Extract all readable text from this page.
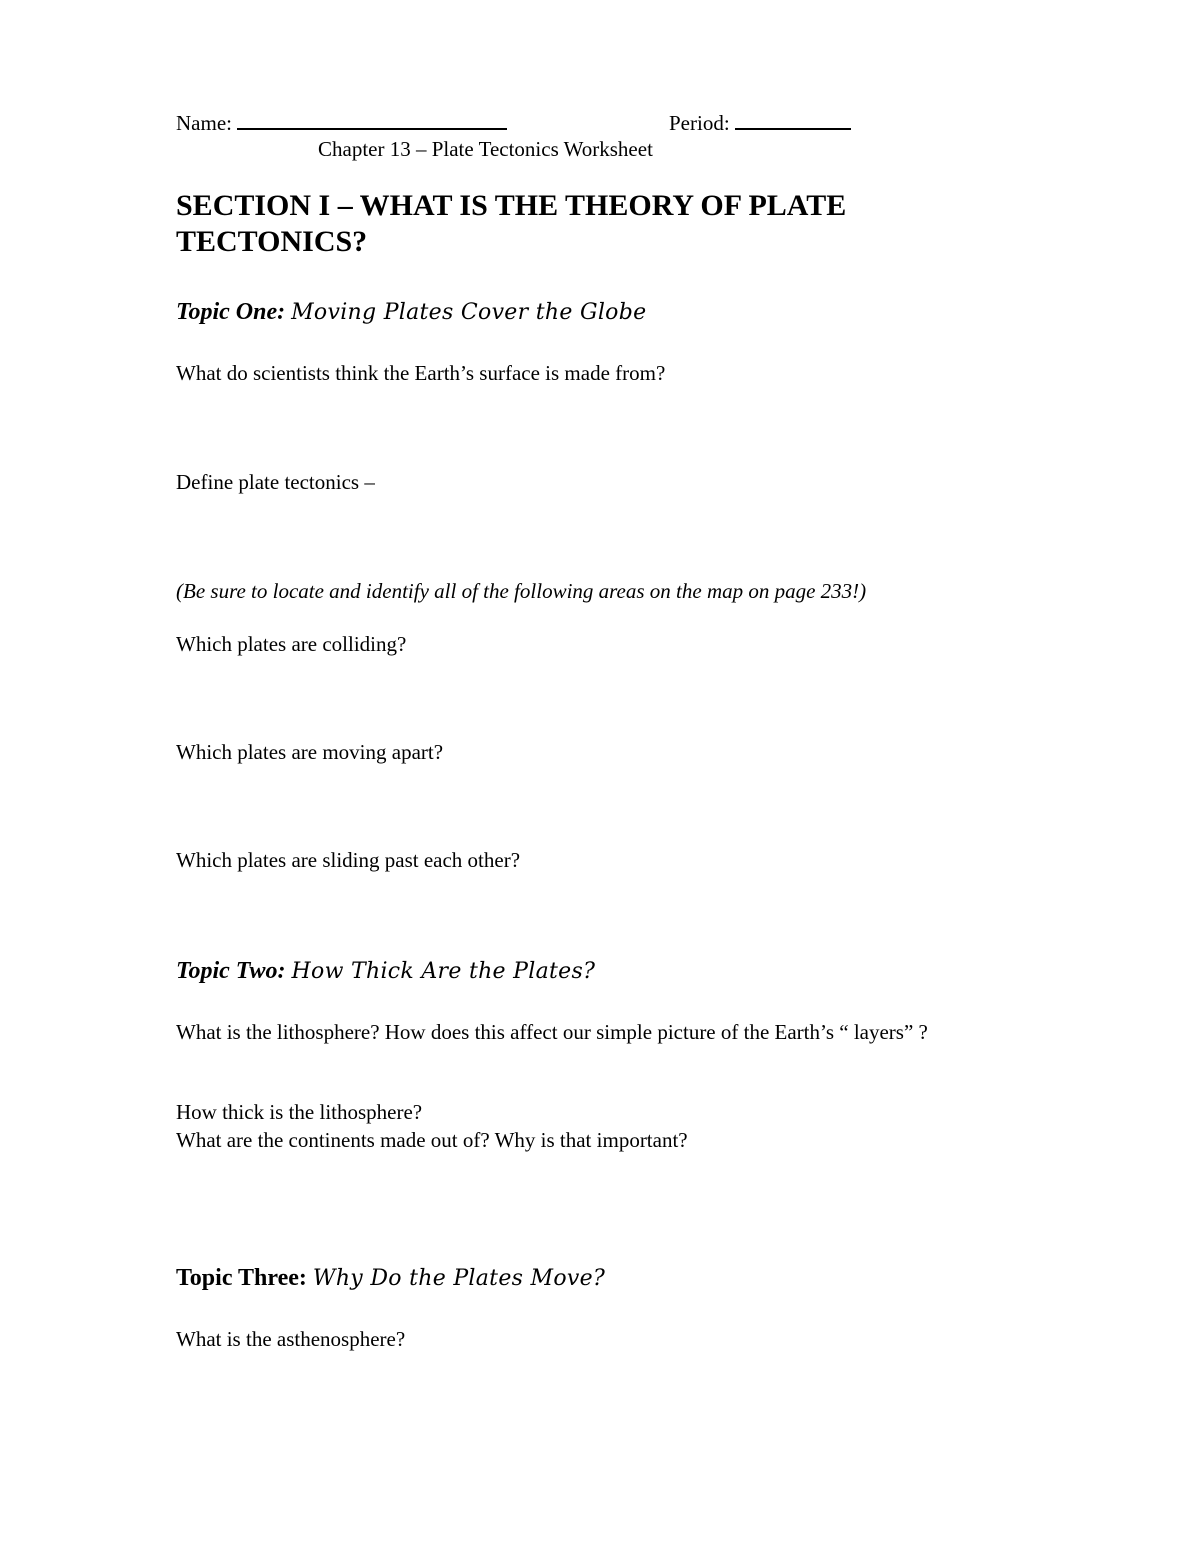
Name:	Period:
Chapter 13 – Plate Tectonics Worksheet
SECTION I – WHAT IS THE THEORY OF PLATE TECTONICS?
Topic One: Moving Plates Cover the Globe
What do scientists think the Earth’s surface is made from?
Define plate tectonics –
(Be sure to locate and identify all of the following areas on the map on page 233!)
Which plates are colliding?
Which plates are moving apart?
Which plates are sliding past each other?
Topic Two: How Thick Are the Plates?
What is the lithosphere? How does this affect our simple picture of the Earth’s “ layers” ?
How thick is the lithosphere?
What are the continents made out of? Why is that important?
Topic Three: Why Do the Plates Move?
What is the asthenosphere?
